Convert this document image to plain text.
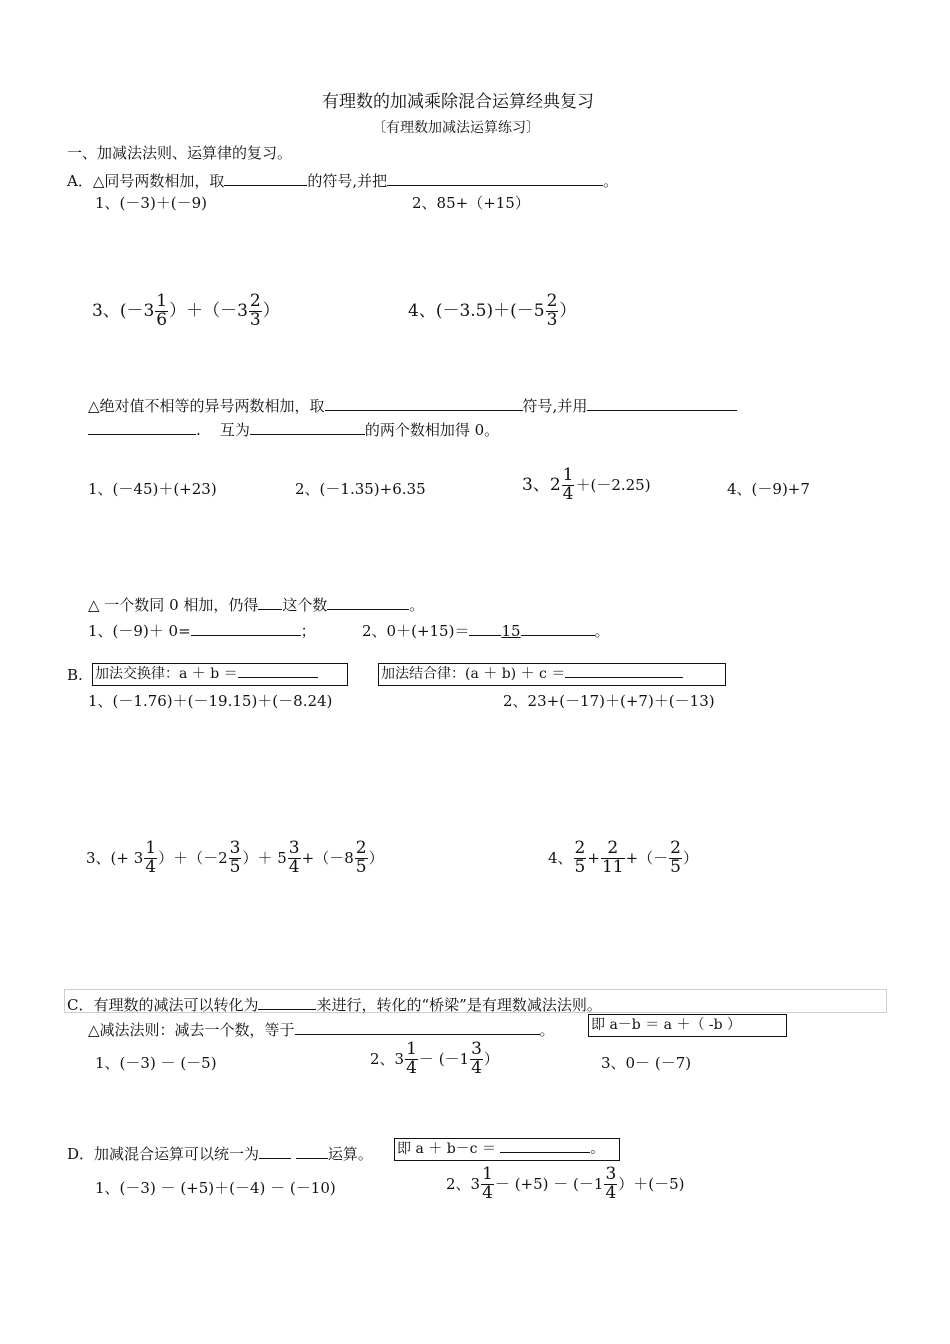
有理数的加减乘除混合运算经典复习
〔有理数加减法运算练习〕
一、加减法法则、运算律的复习。
A．△同号两数相加，取	的符号,并把	。
1、(－3)＋(－9)	2、85+（+15）
3、$(-3 \frac{1}{6} )+(-3 \frac{2}{3}$ ）	4、$(-3.5)+(-5 \frac{2}{3}$ ）
△绝对值不相等的异号两数相加，取	符号,并用
. 互为	的两个数相加得 0。
1、(－45)＋(+23)	2、(－1.35)+6.35	3、$2 \frac{1}{4} +(-2.25)$	4、(－9)+7
△ 一个数同 0 相加，仍得 这个数	。
1、(－9)＋ 0=	；	2、0＋(+15)＝ 15	。
B. 加法交换律：a ＋ b ＝	加法结合律：(a ＋ b) ＋ c ＝
1、(－1.76)＋(－19.15)＋(－8.24)	2、23+(－17)＋(+7)＋(－13)
3、(+ $3 \frac{1}{4} )+(-2 \frac{3}{5}$ ）＋ $5 \frac{3}{4} +(-8 \frac{2}{5}$ ）	4、 $\frac{2}{5} + \frac{2}{11}$ +（－ $\frac{2}{5}$ ）
C．有理数的减法可以转化为	来进行，转化的“桥梁”是有理数减法法则。
△减法法则：减去一个数，等于	。	即 a－b ＝ a ＋（ -b ）
1、(－3) － (－5)	2、$3 \frac{1}{4} - (-1 \frac{3}{4}$ ）	3、0－ (－7)
D．加减混合运算可以统一为	运算。 即 a ＋ b－c ＝	。
1、(－3) － (+5)＋(－4) － (－10)	2、$3 \frac{1}{4} - (+5) - (-1 \frac{3}{4} )+(-5)$
